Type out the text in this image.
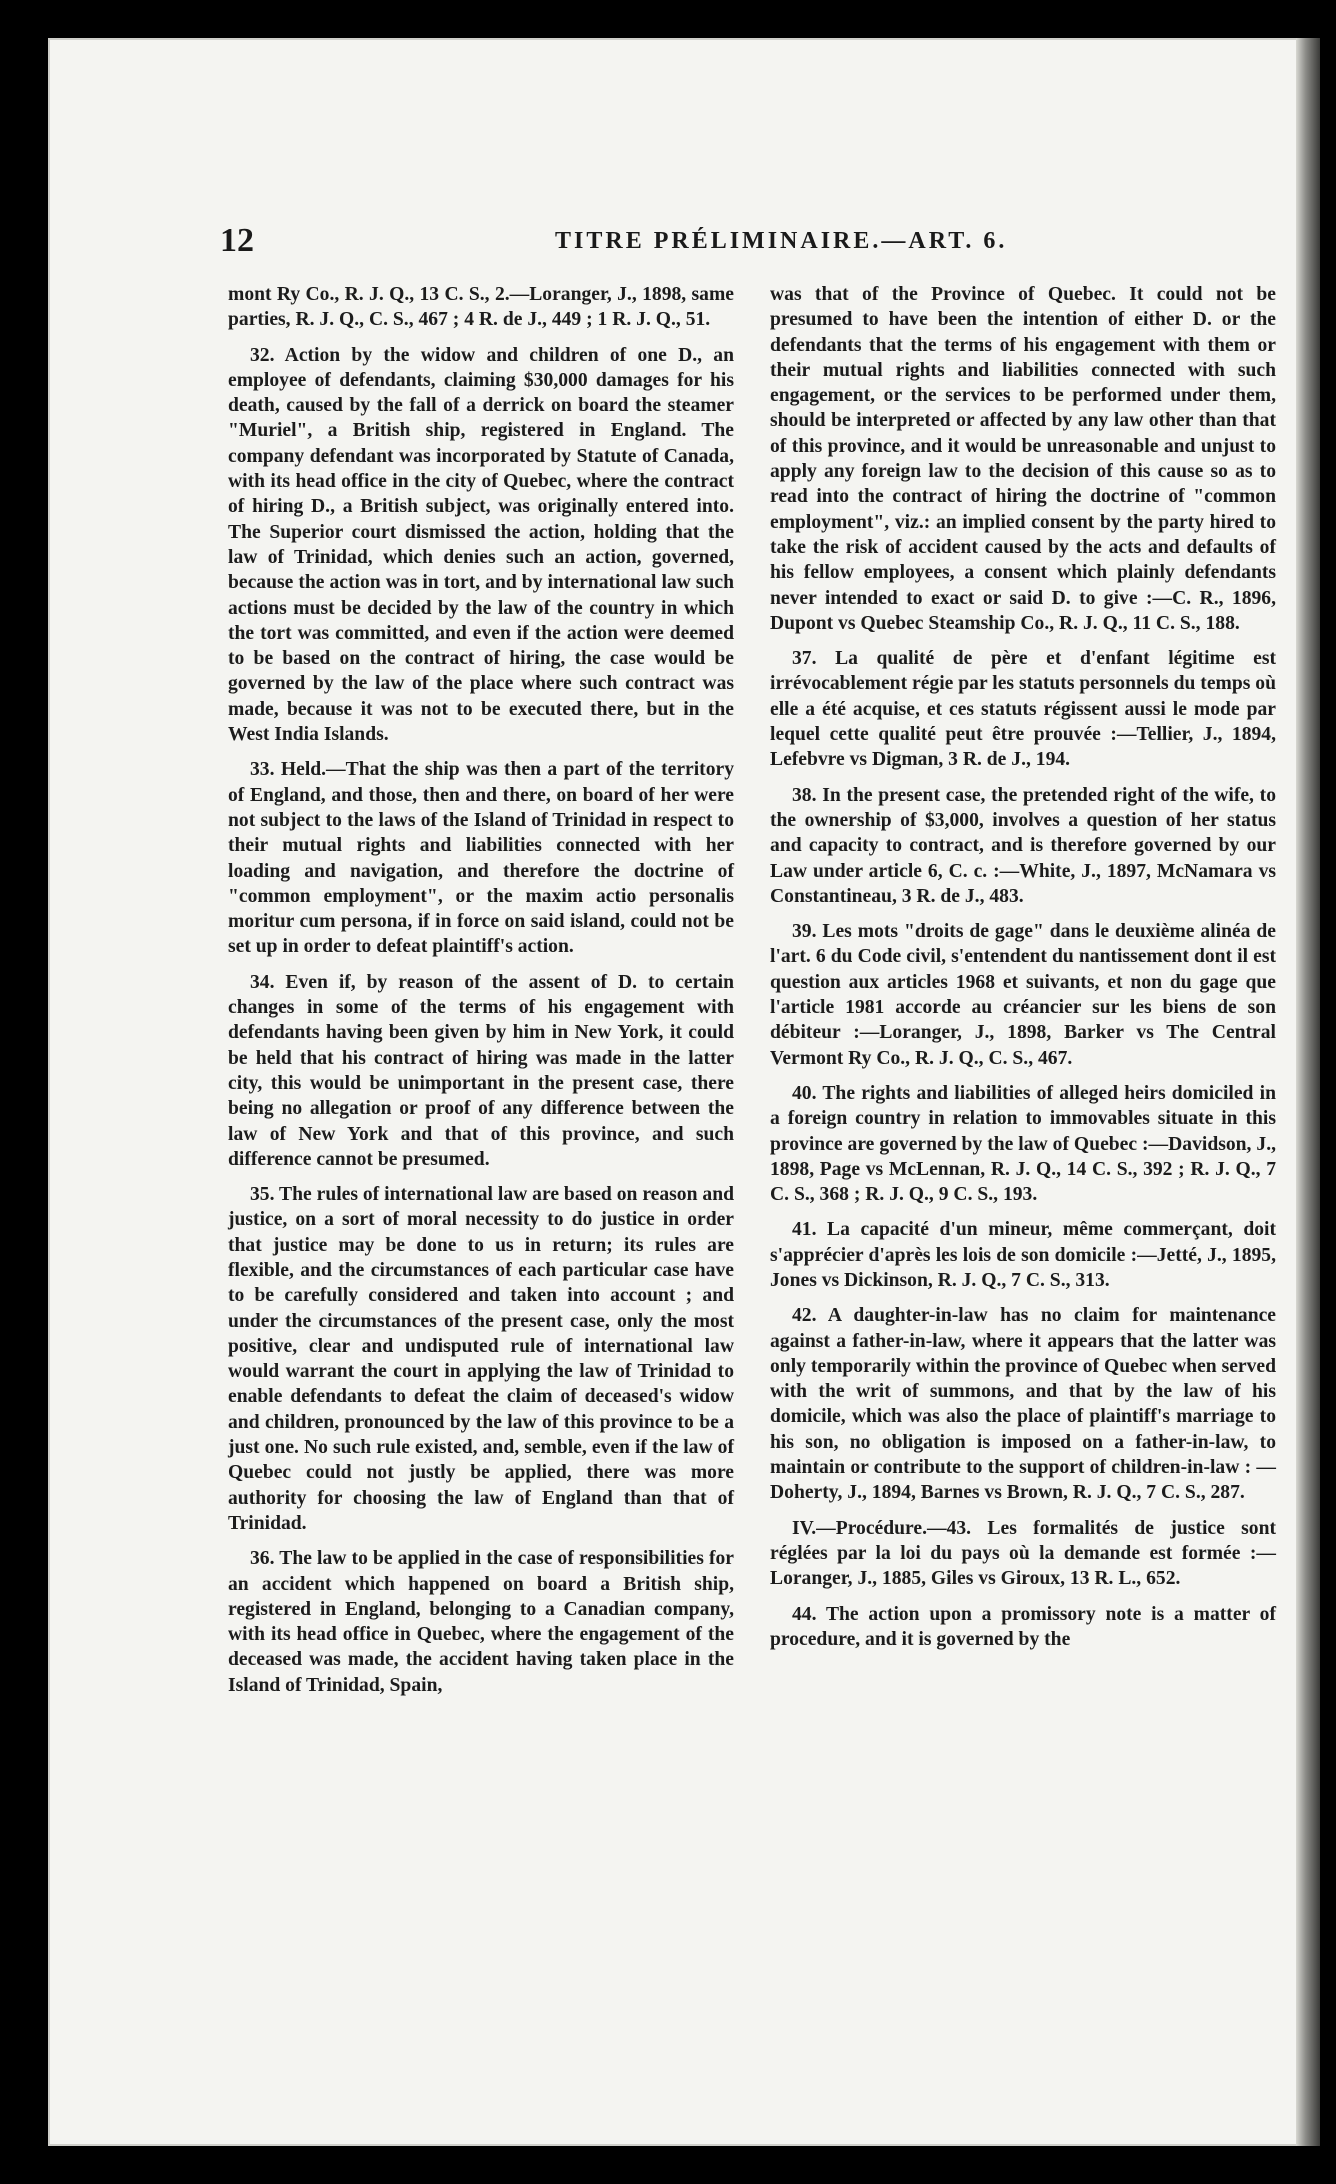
12	TITRE PRÉLIMINAIRE.—ART. 6.

mont Ry Co., R. J. Q., 13 C. S., 2.—Loranger, J., 1898, same parties, R. J. Q., C. S., 467 ; 4 R. de J., 449 ; 1 R. J. Q., 51.

32. Action by the widow and children of one D., an employee of defendants, claiming $30,000 damages for his death, caused by the fall of a derrick on board the steamer "Muriel", a British ship, registered in England. The company defendant was incorporated by Statute of Canada, with its head office in the city of Quebec, where the contract of hiring D., a British subject, was originally entered into. The Superior court dismissed the action, holding that the law of Trinidad, which denies such an action, governed, because the action was in tort, and by international law such actions must be decided by the law of the country in which the tort was committed, and even if the action were deemed to be based on the contract of hiring, the case would be governed by the law of the place where such contract was made, because it was not to be executed there, but in the West India Islands.

33. Held.—That the ship was then a part of the territory of England, and those, then and there, on board of her were not subject to the laws of the Island of Trinidad in respect to their mutual rights and liabilities connected with her loading and navigation, and therefore the doctrine of "common employment", or the maxim actio personalis moritur cum persona, if in force on said island, could not be set up in order to defeat plaintiff's action.

34. Even if, by reason of the assent of D. to certain changes in some of the terms of his engagement with defendants having been given by him in New York, it could be held that his contract of hiring was made in the latter city, this would be unimportant in the present case, there being no allegation or proof of any difference between the law of New York and that of this province, and such difference cannot be presumed.

35. The rules of international law are based on reason and justice, on a sort of moral necessity to do justice in order that justice may be done to us in return; its rules are flexible, and the circumstances of each particular case have to be carefully considered and taken into account ; and under the circumstances of the present case, only the most positive, clear and undisputed rule of international law would warrant the court in applying the law of Trinidad to enable defendants to defeat the claim of deceased's widow and children, pronounced by the law of this province to be a just one. No such rule existed, and, semble, even if the law of Quebec could not justly be applied, there was more authority for choosing the law of England than that of Trinidad.

36. The law to be applied in the case of responsibilities for an accident which happened on board a British ship, registered in England, belonging to a Canadian company, with its head office in Quebec, where the engagement of the deceased was made, the accident having taken place in the Island of Trinidad, Spain,

was that of the Province of Quebec. It could not be presumed to have been the intention of either D. or the defendants that the terms of his engagement with them or their mutual rights and liabilities connected with such engagement, or the services to be performed under them, should be interpreted or affected by any law other than that of this province, and it would be unreasonable and unjust to apply any foreign law to the decision of this cause so as to read into the contract of hiring the doctrine of "common employment", viz.: an implied consent by the party hired to take the risk of accident caused by the acts and defaults of his fellow employees, a consent which plainly defendants never intended to exact or said D. to give :—C. R., 1896, Dupont vs Quebec Steamship Co., R. J. Q., 11 C. S., 188.

37. La qualité de père et d'enfant légitime est irrévocablement régie par les statuts personnels du temps où elle a été acquise, et ces statuts régissent aussi le mode par lequel cette qualité peut être prouvée :—Tellier, J., 1894, Lefebvre vs Digman, 3 R. de J., 194.

38. In the present case, the pretended right of the wife, to the ownership of $3,000, involves a question of her status and capacity to contract, and is therefore governed by our Law under article 6, C. c. :—White, J., 1897, McNamara vs Constantineau, 3 R. de J., 483.

39. Les mots "droits de gage" dans le deuxième alinéa de l'art. 6 du Code civil, s'entendent du nantissement dont il est question aux articles 1968 et suivants, et non du gage que l'article 1981 accorde au créancier sur les biens de son débiteur :—Loranger, J., 1898, Barker vs The Central Vermont Ry Co., R. J. Q., C. S., 467.

40. The rights and liabilities of alleged heirs domiciled in a foreign country in relation to immovables situate in this province are governed by the law of Quebec :—Davidson, J., 1898, Page vs McLennan, R. J. Q., 14 C. S., 392 ; R. J. Q., 7 C. S., 368 ; R. J. Q., 9 C. S., 193.

41. La capacité d'un mineur, même commerçant, doit s'apprécier d'après les lois de son domicile :—Jetté, J., 1895, Jones vs Dickinson, R. J. Q., 7 C. S., 313.

42. A daughter-in-law has no claim for maintenance against a father-in-law, where it appears that the latter was only temporarily within the province of Quebec when served with the writ of summons, and that by the law of his domicile, which was also the place of plaintiff's marriage to his son, no obligation is imposed on a father-in-law, to maintain or contribute to the support of children-in-law : — Doherty, J., 1894, Barnes vs Brown, R. J. Q., 7 C. S., 287.

IV.—Procédure.—43. Les formalités de justice sont réglées par la loi du pays où la demande est formée :—Loranger, J., 1885, Giles vs Giroux, 13 R. L., 652.

44. The action upon a promissory note is a matter of procedure, and it is governed by the
